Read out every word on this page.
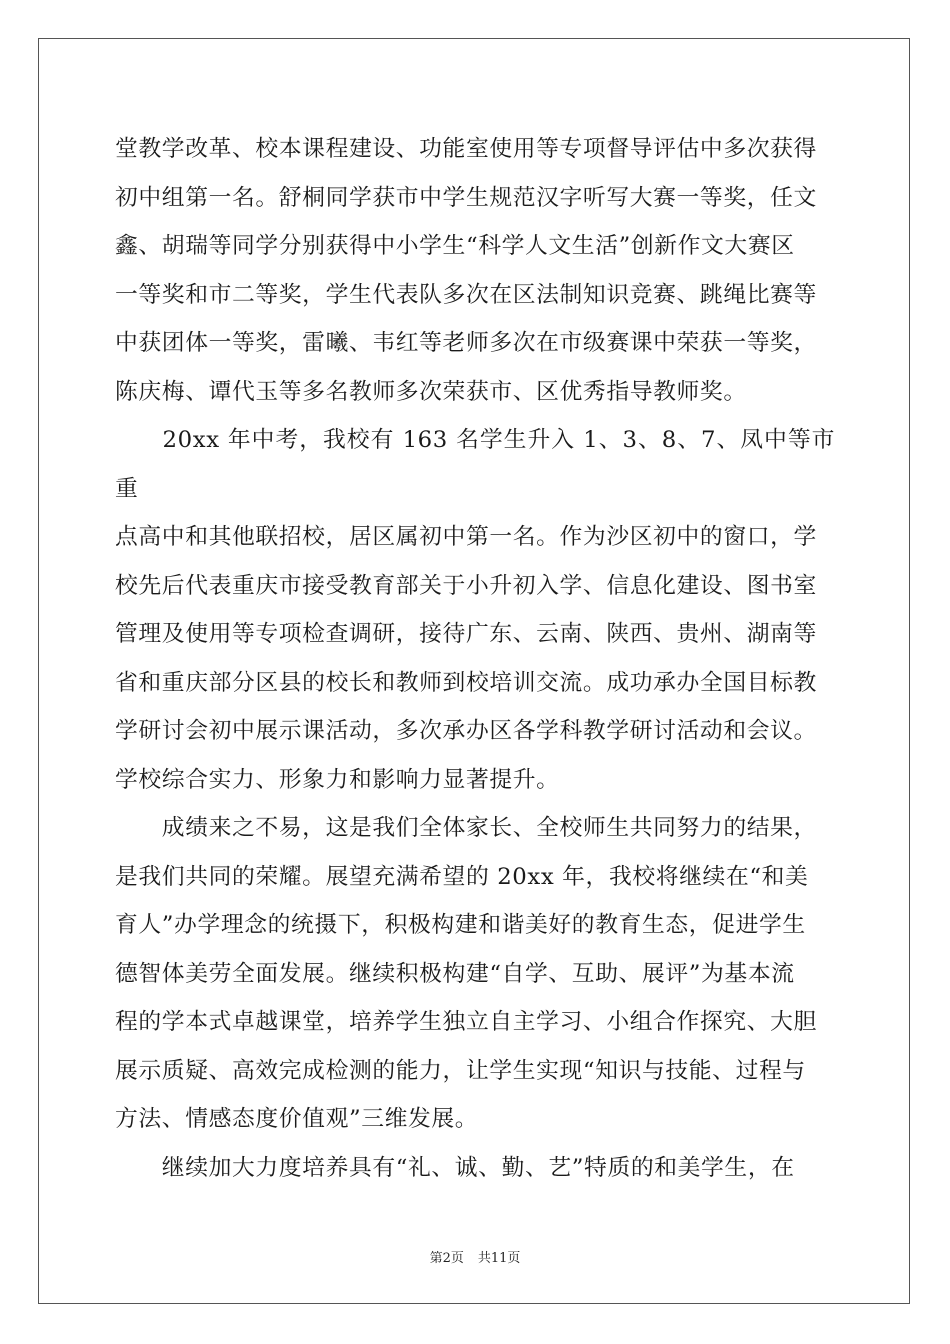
堂教学改革、校本课程建设、功能室使用等专项督导评估中多次获得
初中组第一名。舒桐同学获市中学生规范汉字听写大赛一等奖，任文
鑫、胡瑞等同学分别获得中小学生“科学人文生活”创新作文大赛区
一等奖和市二等奖，学生代表队多次在区法制知识竞赛、跳绳比赛等
中获团体一等奖，雷曦、韦红等老师多次在市级赛课中荣获一等奖，
陈庆梅、谭代玉等多名教师多次荣获市、区优秀指导教师奖。

　　20xx 年中考，我校有 163 名学生升入 1、3、8、7、凤中等市重
点高中和其他联招校，居区属初中第一名。作为沙区初中的窗口，学
校先后代表重庆市接受教育部关于小升初入学、信息化建设、图书室
管理及使用等专项检查调研，接待广东、云南、陕西、贵州、湖南等
省和重庆部分区县的校长和教师到校培训交流。成功承办全国目标教
学研讨会初中展示课活动，多次承办区各学科教学研讨活动和会议。
学校综合实力、形象力和影响力显著提升。

　　成绩来之不易，这是我们全体家长、全校师生共同努力的结果，
是我们共同的荣耀。展望充满希望的 20xx 年，我校将继续在“和美
育人”办学理念的统摄下，积极构建和谐美好的教育生态，促进学生
德智体美劳全面发展。继续积极构建“自学、互助、展评”为基本流
程的学本式卓越课堂，培养学生独立自主学习、小组合作探究、大胆
展示质疑、高效完成检测的能力，让学生实现“知识与技能、过程与
方法、情感态度价值观”三维发展。

　　继续加大力度培养具有“礼、诚、勤、艺”特质的和美学生，在

第2页 共11页
